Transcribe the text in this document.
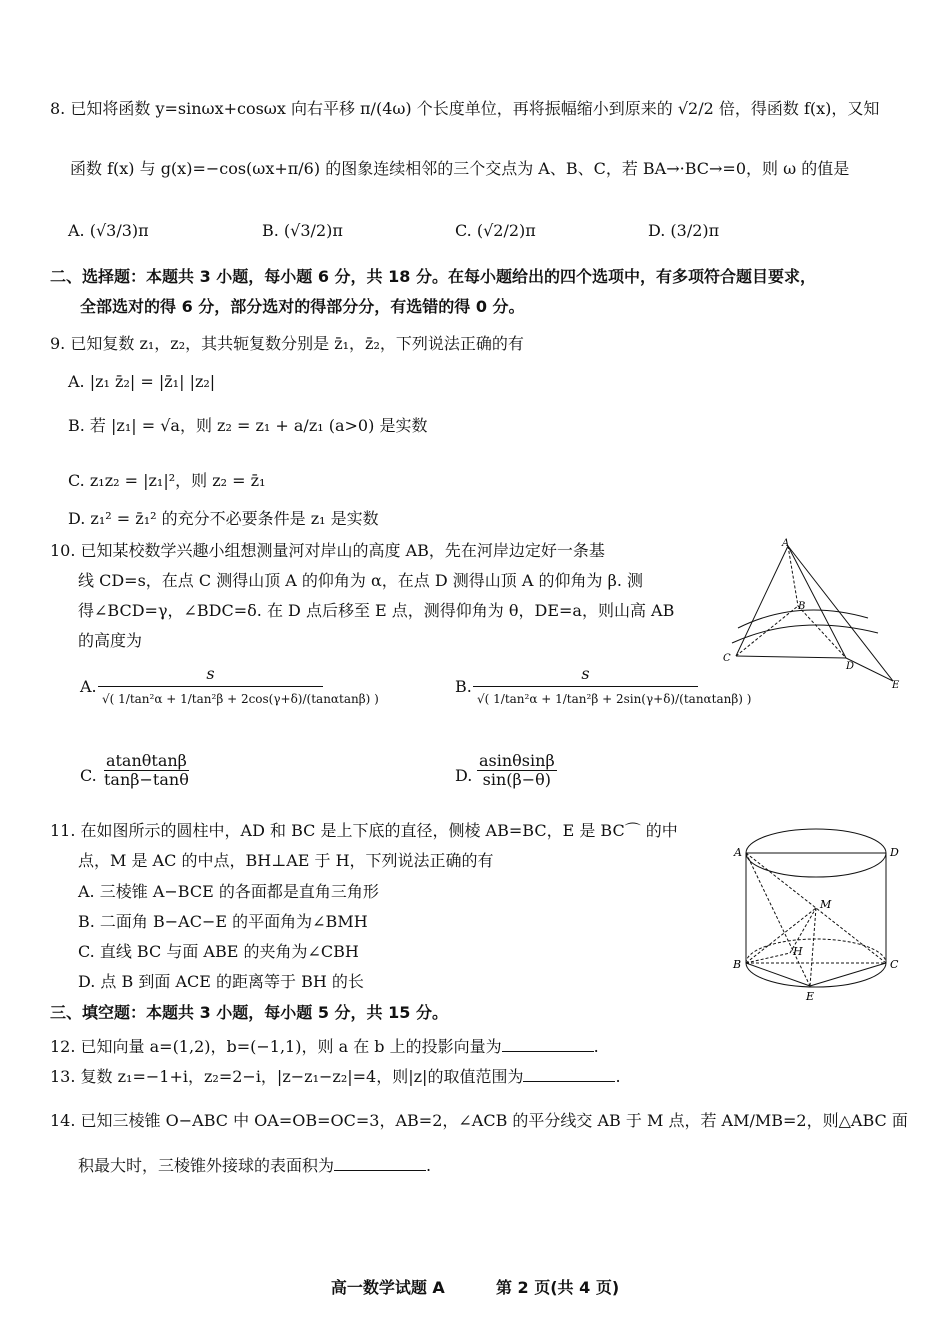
8. 已知将函数 y=sinωx+cosωx 向右平移 π/(4ω) 个长度单位，再将振幅缩小到原来的 √2/2 倍，得函数 f(x)，又知
函数 f(x) 与 g(x)=−cos(ωx+π/6) 的图象连续相邻的三个交点为 A、B、C，若 BA→·BC→=0，则 ω 的值是
A. (√3/3)π	B. (√3/2)π	C. (√2/2)π	D. (3/2)π
二、选择题：本题共 3 小题，每小题 6 分，共 18 分。在每小题给出的四个选项中，有多项符合题目要求，
全部选对的得 6 分，部分选对的得部分分，有选错的得 0 分。
9. 已知复数 z₁，z₂，其共轭复数分别是 z̄₁，z̄₂，下列说法正确的有
A. |z₁ z̄₂| = |z̄₁| |z₂|
B. 若 |z₁| = √a，则 z₂ = z₁ + a/z₁ (a>0) 是实数
C. z₁z₂ = |z₁|²，则 z₂ = z̄₁
D. z₁² = z̄₁² 的充分不必要条件是 z₁ 是实数
10. 已知某校数学兴趣小组想测量河对岸山的高度 AB，先在河岸边定好一条基
线 CD=s，在点 C 测得山顶 A 的仰角为 α，在点 D 测得山顶 A 的仰角为 β. 测
得∠BCD=γ，∠BDC=δ. 在 D 点后移至 E 点，测得仰角为 θ，DE=a，则山高 AB
的高度为
A.
s
√( 1/tan²α + 1/tan²β + 2cos(γ+δ)/(tanαtanβ) )
B.
s
√( 1/tan²α + 1/tan²β + 2sin(γ+δ)/(tanαtanβ) )
C. $\frac{atan\theta\tan\beta}{\tan\beta-\tan\theta}$	D. $\frac{asin\theta\sin\beta}{\sin(\beta-\theta)}$
A
B
C
D
E
11. 在如图所示的圆柱中，AD 和 BC 是上下底的直径，侧棱 AB=BC，E 是 BC⌒ 的中
点，M 是 AC 的中点，BH⊥AE 于 H，下列说法正确的有
A. 三棱锥 A−BCE 的各面都是直角三角形
B. 二面角 B−AC−E 的平面角为∠BMH
C. 直线 BC 与面 ABE 的夹角为∠CBH
D. 点 B 到面 ACE 的距离等于 BH 的长
A	D
B	C
E
M
H
三、填空题：本题共 3 小题，每小题 5 分，共 15 分。
12. 已知向量 a=(1,2)，b=(−1,1)，则 a 在 b 上的投影向量为	.
13. 复数 z₁=−1+i，z₂=2−i，|z−z₁−z₂|=4，则|z|的取值范围为	.
14. 已知三棱锥 O−ABC 中 OA=OB=OC=3，AB=2，∠ACB 的平分线交 AB 于 M 点，若 AM/MB=2，则△ABC 面
积最大时，三棱锥外接球的表面积为	.
高一数学试题 A	第 2 页(共 4 页)
